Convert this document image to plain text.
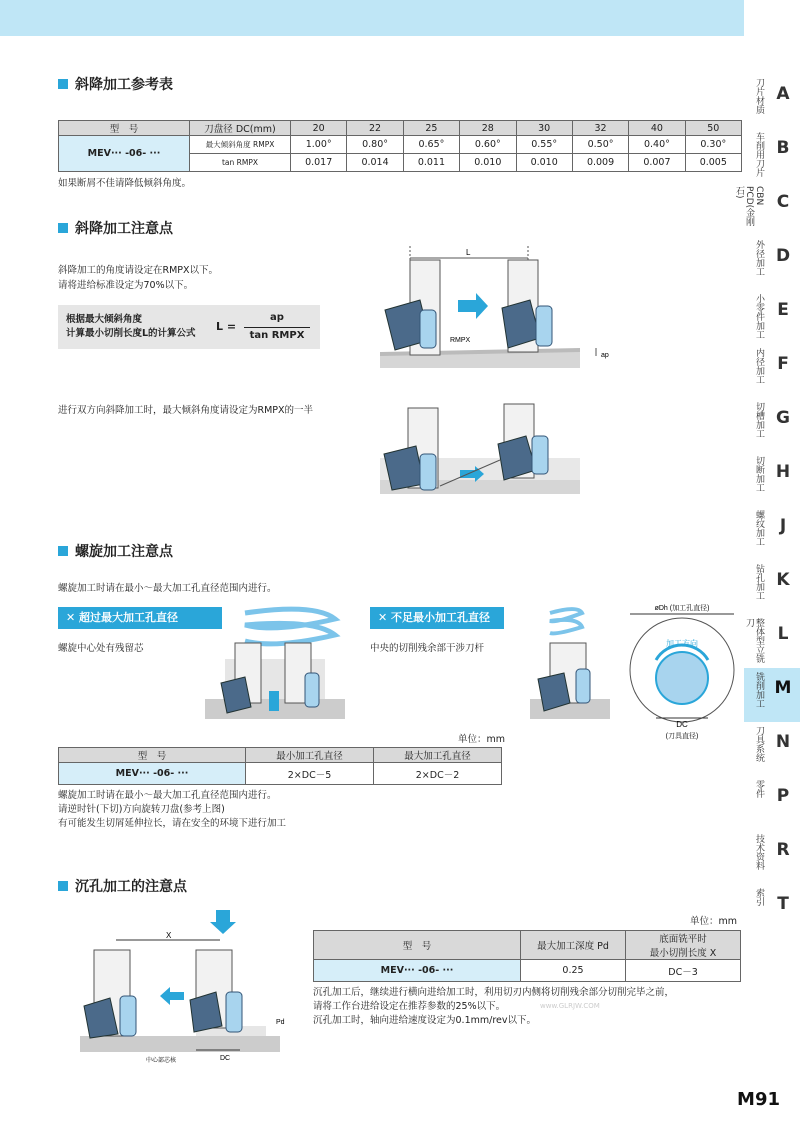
斜降加工参考表
型　号	刀盘径 DC(mm)	20	22	25	28	30	32	40	50
MEV··· -06- ···	最大倾斜角度 RMPX	1.00°	0.80°	0.65°	0.60°	0.55°	0.50°	0.40°	0.30°
	tan RMPX	0.017	0.014	0.011	0.010	0.010	0.009	0.007	0.005
如果断屑不佳请降低倾斜角度。
斜降加工注意点
斜降加工的角度请设定在RMPX以下。
请将进给标准设定为70%以下。
根据最大倾斜角度
计算最小切削长度L的计算公式
L =
ap
tan RMPX
L
RMPX
ap
进行双方向斜降加工时，最大倾斜角度请设定为RMPX的一半
螺旋加工注意点
螺旋加工时请在最小～最大加工孔直径范围内进行。
✕ 超过最大加工孔直径
螺旋中心处有残留芯
✕ 不足最小加工孔直径
中央的切削残余部干涉刀杆
øDh (加工孔直径)
加工方向
DC
(刀具直径)
单位：mm
型　号	最小加工孔直径	最大加工孔直径
MEV··· -06- ···	2×DC－5	2×DC－2
螺旋加工时请在最小～最大加工孔直径范围内进行。
请逆时针(下切)方向旋转刀盘(参考上图)
有可能发生切屑延伸拉长，请在安全的环境下进行加工
沉孔加工的注意点
X
Pd
DC
中心部芯核
单位：mm
型　号	最大加工深度 Pd	底面铣平时
最小切削长度 X

MEV··· -06- ···	0.25	DC－3
沉孔加工后，继续进行横向进给加工时，利用切刃内侧将切削残余部分切削完毕之前，
请将工作台进给设定在推荐参数的25%以下。
沉孔加工时，轴向进给速度设定为0.1mm/rev以下。
www.GLRJW.COM
刀片材质 A
车削用刀片 B
CBN PCD(金刚石)	C
外径加工 D
小零件加工 E
内径加工 F
切槽加工 G
切断加工 H
螺纹加工 J
钻孔加工 K
整体型立铣刀
L
铣削加工 M
刀具系统 N
零件 P
技术资料 R
索引 T
M91
